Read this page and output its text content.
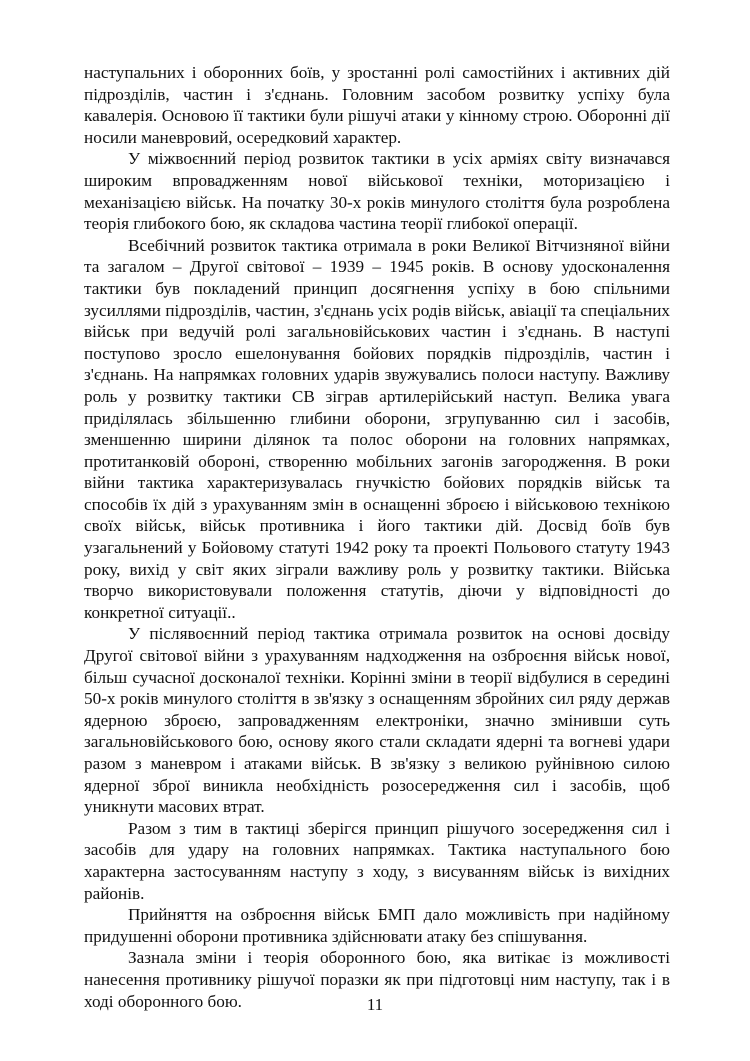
наступальних і оборонних боїв, у зростанні ролі самостійних і активних дій підрозділів, частин і з'єднань. Головним засобом розвитку успіху була кавалерія. Основою її тактики були рішучі атаки у кінному строю. Оборонні дії носили маневровий, осередковий характер.

У міжвоєнний період розвиток тактики в усіх арміях світу визначався широким впровадженням нової військової техніки, моторизацією і механізацією військ. На початку 30-х років минулого століття була розроблена теорія глибокого бою, як складова частина теорії глибокої операції.

Всебічний розвиток тактика отримала в роки Великої Вітчизняної війни та загалом – Другої світової – 1939 – 1945 років. В основу удосконалення тактики був покладений принцип досягнення успіху в бою спільними зусиллями підрозділів, частин, з'єднань усіх родів військ, авіації та спеціальних військ при ведучій ролі загальновійськових частин і з'єднань. В наступі поступово зросло ешелонування бойових порядків підрозділів, частин і з'єднань. На напрямках головних ударів звужувались полоси наступу. Важливу роль у розвитку тактики СВ зіграв артилерійський наступ. Велика увага приділялась збільшенню глибини оборони, згрупуванню сил і засобів, зменшенню ширини ділянок та полос оборони на головних напрямках, протитанковій обороні, створенню мобільних загонів загородження. В роки війни тактика характеризувалась гнучкістю бойових порядків військ та способів їх дій з урахуванням змін в оснащенні зброєю і військовою технікою своїх військ, військ противника і його тактики дій. Досвід боїв був узагальнений у Бойовому статуті 1942 року та проекті Польового статуту 1943 року, вихід у світ яких зіграли важливу роль у розвитку тактики. Війська творчо використовували положення статутів, діючи у відповідності до конкретної ситуації..

У післявоєнний період тактика отримала розвиток на основі досвіду Другої світової війни з урахуванням надходження на озброєння військ нової, більш сучасної досконалої техніки. Корінні зміни в теорії відбулися в середині 50-х років минулого століття в зв'язку з оснащенням збройних сил ряду держав ядерною зброєю, запровадженням електроніки, значно змінивши суть загальновійськового бою, основу якого стали складати ядерні та вогневі удари разом з маневром і атаками військ. В зв'язку з великою руйнівною силою ядерної зброї виникла необхідність розосередження сил і засобів, щоб уникнути масових втрат.

Разом з тим в тактиці зберігся принцип рішучого зосередження сил і засобів для удару на головних напрямках. Тактика наступального бою характерна застосуванням наступу з ходу, з висуванням військ із вихідних районів.

Прийняття на озброєння військ БМП дало можливість при надійному придушенні оборони противника здійснювати атаку без спішування.

Зазнала зміни і теорія оборонного бою, яка витікає із можливості нанесення противнику рішучої поразки як при підготовці ним наступу, так і в ході оборонного бою.	11
